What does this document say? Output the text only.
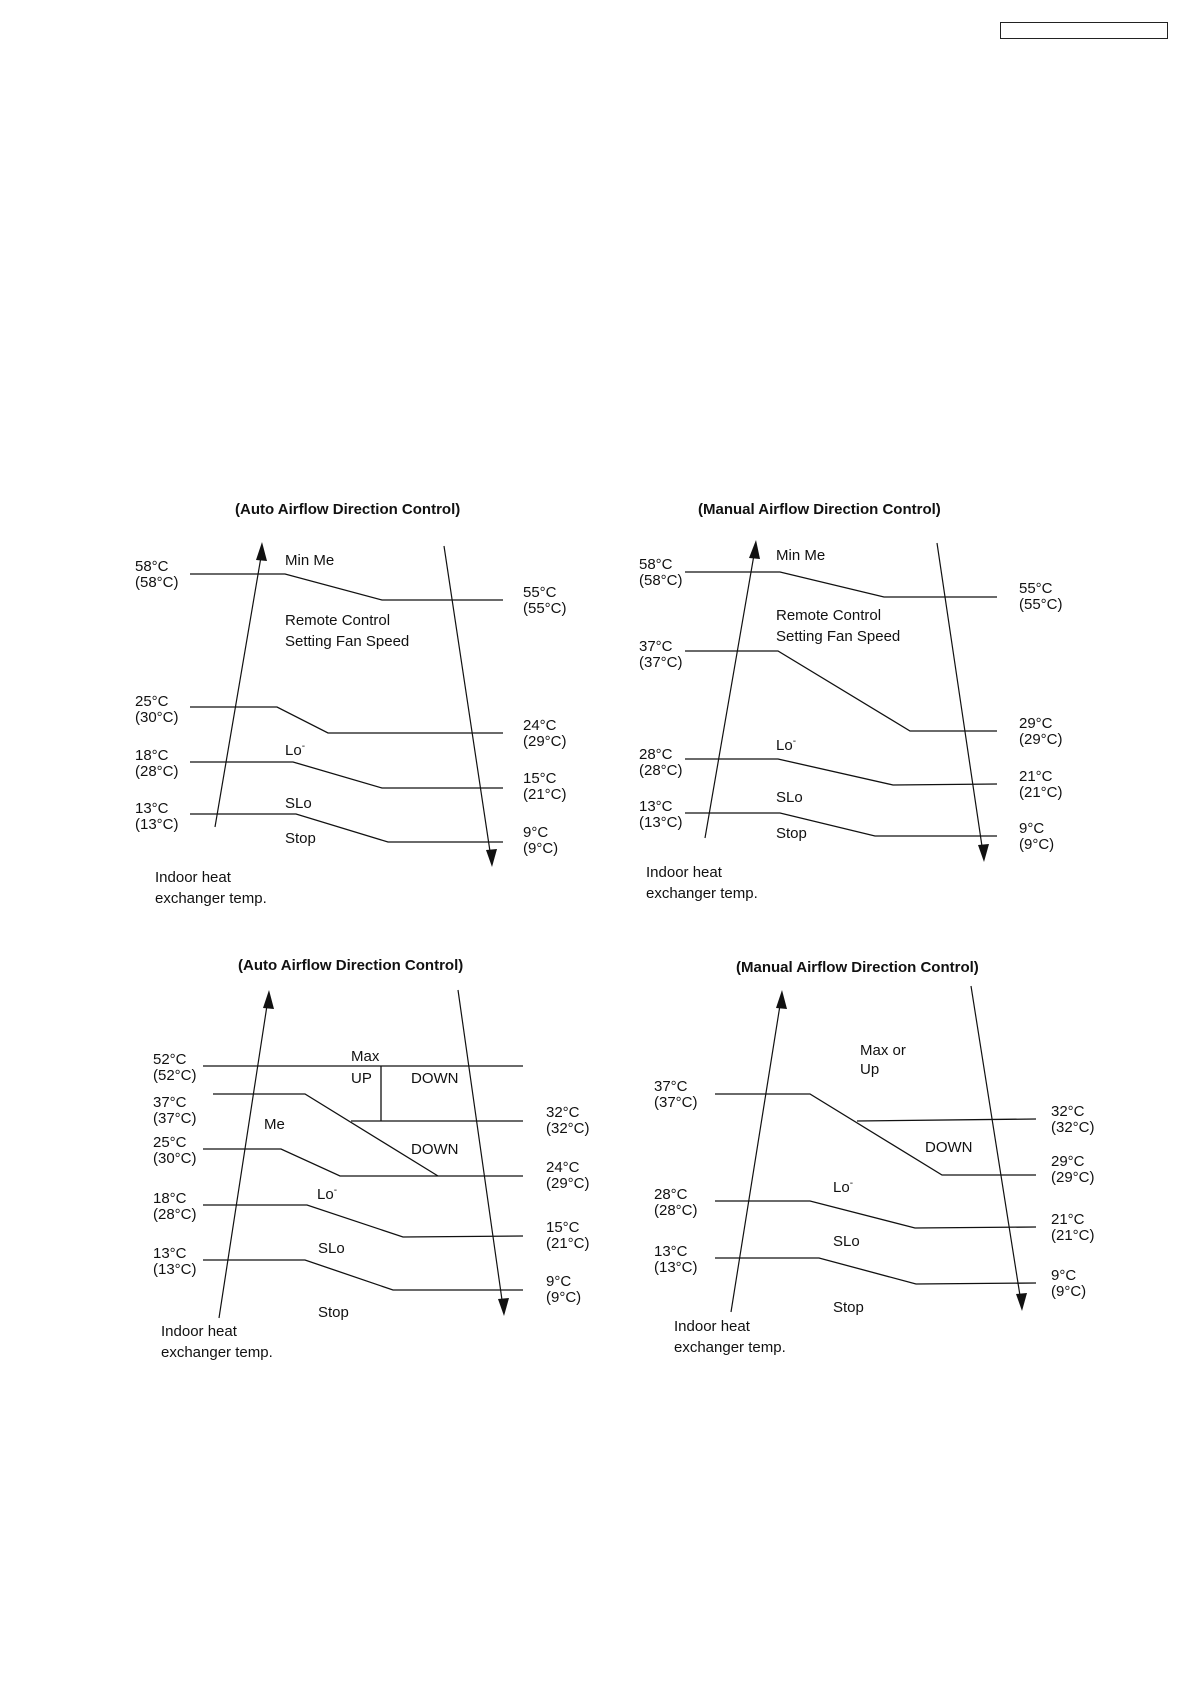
(Auto Airflow Direction Control)
58°C
(58°C)
25°C
(30°C)
18°C
(28°C)
13°C
(13°C)
55°C
(55°C)
24°C
(29°C)
15°C
(21°C)
9°C
(9°C)
Min Me
Remote Control
Setting Fan Speed
Lo-
SLo
Stop
Indoor heat
exchanger temp.
(Manual Airflow Direction Control)
58°C
(58°C)
37°C
(37°C)
28°C
(28°C)
13°C
(13°C)
55°C
(55°C)
29°C
(29°C)
21°C
(21°C)
9°C
(9°C)
Min Me
Remote Control
Setting Fan Speed
Lo-
SLo
Stop
Indoor heat
exchanger temp.
(Auto Airflow Direction Control)
52°C
(52°C)
37°C
(37°C)
25°C
(30°C)
18°C
(28°C)
13°C
(13°C)
32°C
(32°C)
24°C
(29°C)
15°C
(21°C)
9°C
(9°C)
Max
UP	DOWN
Me
DOWN
Lo-
SLo
Stop
Indoor heat
exchanger temp.
(Manual Airflow Direction Control)
37°C
(37°C)
28°C
(28°C)
13°C
(13°C)
32°C
(32°C)
29°C
(29°C)
21°C
(21°C)
9°C
(9°C)
Max or
Up
DOWN
Lo-
SLo
Stop
Indoor heat
exchanger temp.
